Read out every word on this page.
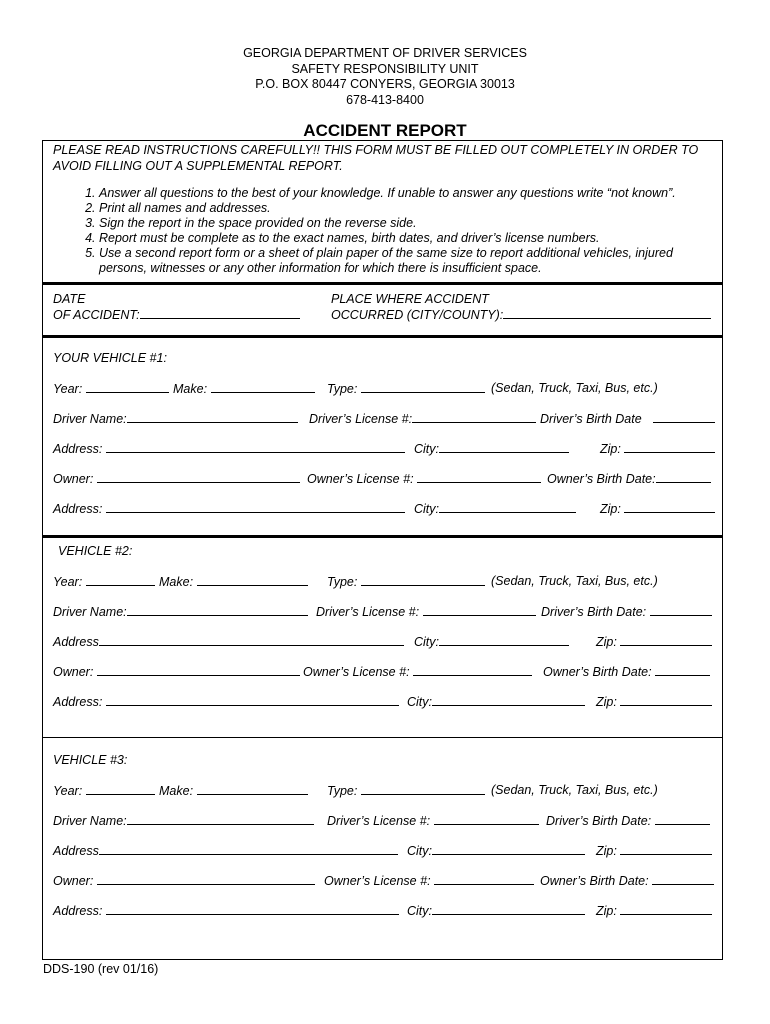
GEORGIA DEPARTMENT OF DRIVER SERVICES
SAFETY RESPONSIBILITY UNIT
P.O. BOX 80447 CONYERS, GEORGIA 30013
678-413-8400
ACCIDENT REPORT
PLEASE READ INSTRUCTIONS CAREFULLY!! THIS FORM MUST BE FILLED OUT COMPLETELY IN ORDER TO
AVOID FILLING OUT A SUPPLEMENTAL REPORT.
1. Answer all questions to the best of your knowledge. If unable to answer any questions write “not known”.
2. Print all names and addresses.
3. Sign the report in the space provided on the reverse side.
4. Report must be complete as to the exact names, birth dates, and driver’s license numbers.
5. Use a second report form or a sheet of plain paper of the same size to report additional vehicles, injured persons, witnesses or any other information for which there is insufficient space.
DATE
OF ACCIDENT:
PLACE WHERE ACCIDENT
OCCURRED (CITY/COUNTY):
YOUR VEHICLE #1:
Year:	Make:	Type:	(Sedan, Truck, Taxi, Bus, etc.)
Driver Name:	Driver’s License #:	Driver’s Birth Date
Address:	City:	Zip:
Owner:	Owner’s License #:	Owner’s Birth Date:
Address:	City:	Zip:
VEHICLE #2:
Year:	Make:	Type:	(Sedan, Truck, Taxi, Bus, etc.)
Driver Name:	Driver’s License #:	Driver’s Birth Date:
Address	City:	Zip:
Owner:	Owner’s License #:	Owner’s Birth Date:
Address:	City:	Zip:
VEHICLE #3:
Year:	Make:	Type:	(Sedan, Truck, Taxi, Bus, etc.)
Driver Name:	Driver’s License #:	Driver’s Birth Date:
Address	City:	Zip:
Owner:	Owner’s License #:	Owner’s Birth Date:
Address:	City:	Zip:
DDS-190 (rev 01/16)
